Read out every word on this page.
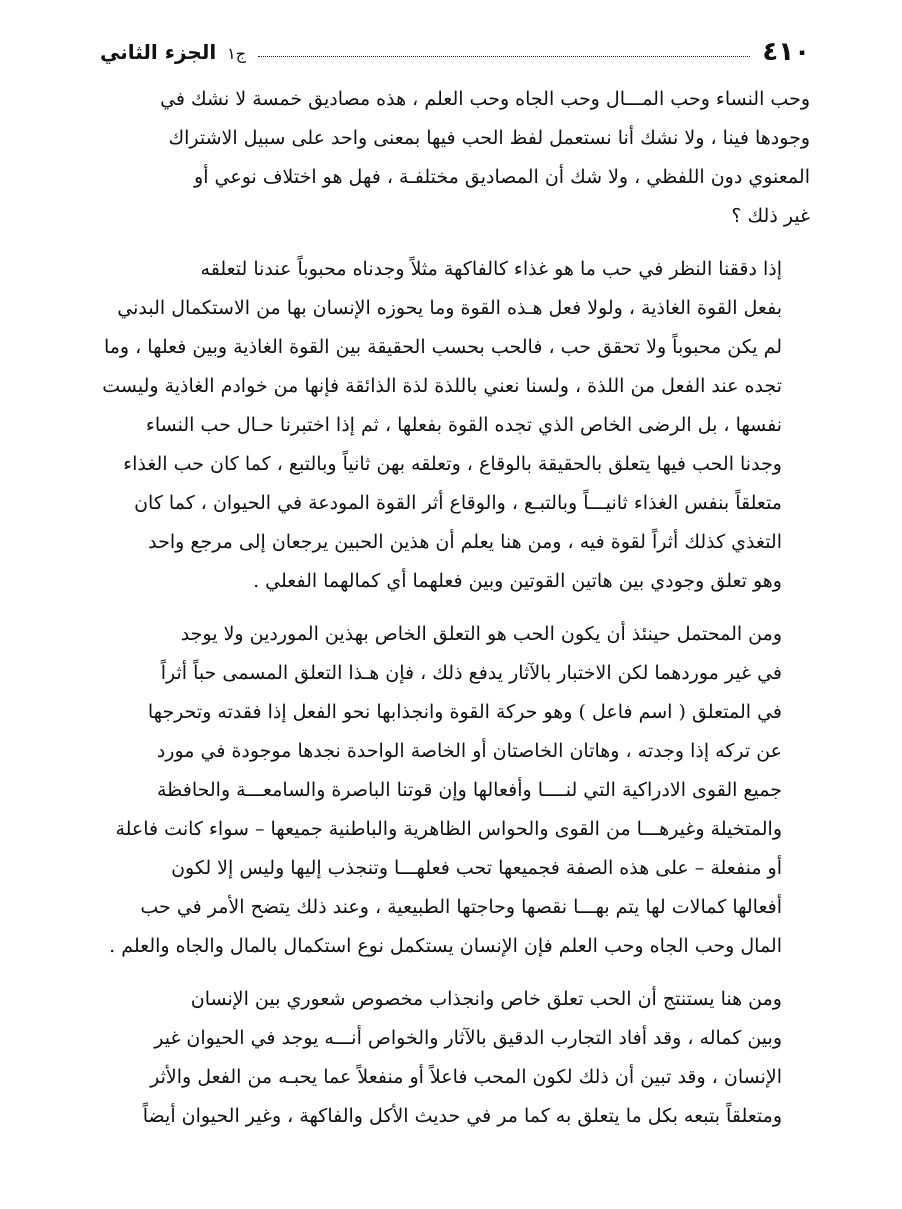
٤١٠
ج١ الجزء الثاني

وحب النساء وحب المـــال وحب الجاه وحب العلم ، هذه مصاديق خمسة لا نشك في
وجودها فينا ، ولا نشك أنا نستعمل لفظ الحب فيها بمعنى واحد على سبيل الاشتراك
المعنوي دون اللفظي ، ولا شك أن المصاديق مختلفـة ، فهل هو اختلاف نوعي أو
غير ذلك ؟

إذا دققنا النظر في حب ما هو غذاء كالفاكهة مثلاً وجدناه محبوباً عندنا لتعلقه
بفعل القوة الغاذية ، ولولا فعل هـذه القوة وما يحوزه الإنسان بها من الاستكمال البدني
لم يكن محبوباً ولا تحقق حب ، فالحب بحسب الحقيقة بين القوة الغاذية وبين فعلها ، وما
تجده عند الفعل من اللذة ، ولسنا نعني باللذة لذة الذائقة فإنها من خوادم الغاذية وليست
نفسها ، بل الرضى الخاص الذي تجده القوة بفعلها ، ثم إذا اختبرنا حـال حب النساء
وجدنا الحب فيها يتعلق بالحقيقة بالوقاع ، وتعلقه بهن ثانياً وبالتبع ، كما كان حب الغذاء
متعلقاً بنفس الغذاء ثانيـــاً وبالتبـع ، والوقاع أثر القوة المودعة في الحيوان ، كما كان
التغذي كذلك أثراً لقوة فيه ، ومن هنا يعلم أن هذين الحبين يرجعان إلى مرجع واحد
وهو تعلق وجودي بين هاتين القوتين وبين فعلهما أي كمالهما الفعلي .

ومن المحتمل حينئذ أن يكون الحب هو التعلق الخاص بهذين الموردين ولا يوجد
في غير موردهما لكن الاختبار بالآثار يدفع ذلك ، فإن هـذا التعلق المسمى حباً أثراً
في المتعلق ( اسم فاعل ) وهو حركة القوة وانجذابها نحو الفعل إذا فقدته وتحرجها
عن تركه إذا وجدته ، وهاتان الخاصتان أو الخاصة الواحدة نجدها موجودة في مورد
جميع القوى الادراكية التي لنــــا وأفعالها وإن قوتنا الباصرة والسامعـــة والحافظة
والمتخيلة وغيرهـــا من القوى والحواس الظاهرية والباطنية جميعها – سواء كانت فاعلة
أو منفعلة – على هذه الصفة فجميعها تحب فعلهـــا وتنجذب إليها وليس إلا لكون
أفعالها كمالات لها يتم بهـــا نقصها وحاجتها الطبيعية ، وعند ذلك يتضح الأمر في حب
المال وحب الجاه وحب العلم فإن الإنسان يستكمل نوع استكمال بالمال والجاه والعلم .

ومن هنا يستنتج أن الحب تعلق خاص وانجذاب مخصوص شعوري بين الإنسان
وبين كماله ، وقد أفاد التجارب الدقيق بالآثار والخواص أنـــه يوجد في الحيوان غير
الإنسان ، وقد تبين أن ذلك لكون المحب فاعلاً أو منفعلاً عما يحبـه من الفعل والأثر
ومتعلقاً بتبعه بكل ما يتعلق به كما مر في حديث الأكل والفاكهة ، وغير الحيوان أيضاً
